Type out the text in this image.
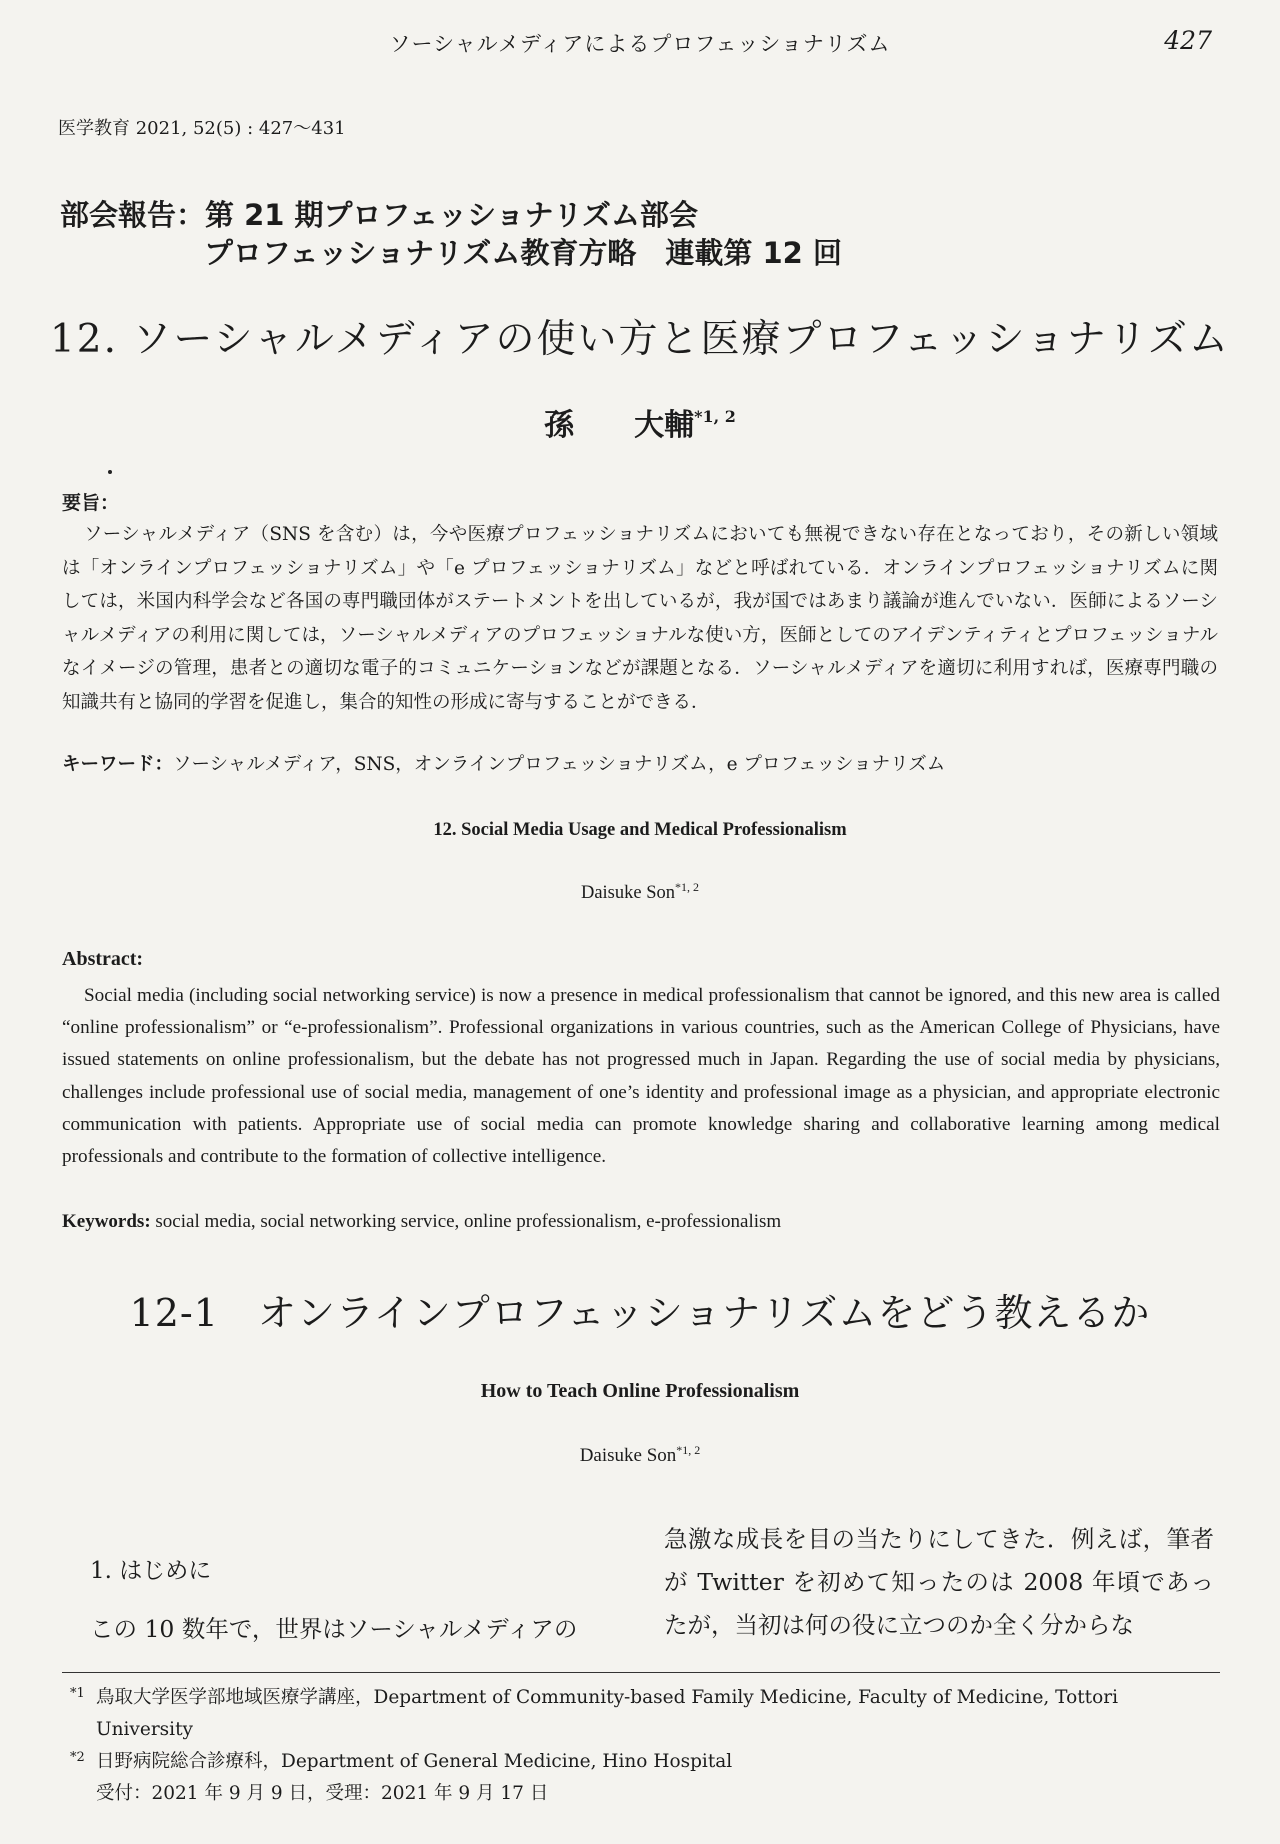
ソーシャルメディアによるプロフェッショナリズム	427
医学教育 2021, 52(5) : 427〜431
部会報告：第 21 期プロフェッショナリズム部会
プロフェッショナリズム教育方略　連載第 12 回
12. ソーシャルメディアの使い方と医療プロフェッショナリズム
孫　　大輔$^{*1, 2}$
要旨：
ソーシャルメディア（SNS を含む）は，今や医療プロフェッショナリズムにおいても無視できない存在となっており，その新しい領域は「オンラインプロフェッショナリズム」や「e プロフェッショナリズム」などと呼ばれている．オンラインプロフェッショナリズムに関しては，米国内科学会など各国の専門職団体がステートメントを出しているが，我が国ではあまり議論が進んでいない．医師によるソーシャルメディアの利用に関しては，ソーシャルメディアのプロフェッショナルな使い方，医師としてのアイデンティティとプロフェッショナルなイメージの管理，患者との適切な電子的コミュニケーションなどが課題となる．ソーシャルメディアを適切に利用すれば，医療専門職の知識共有と協同的学習を促進し，集合的知性の形成に寄与することができる．
キーワード：ソーシャルメディア，SNS，オンラインプロフェッショナリズム，e プロフェッショナリズム
12. Social Media Usage and Medical Professionalism
Daisuke Son$^{*1, 2}$
Abstract:
Social media (including social networking service) is now a presence in medical professionalism that cannot be ignored, and this new area is called “online professionalism” or “e-professionalism”. Professional organizations in various countries, such as the American College of Physicians, have issued statements on online professionalism, but the debate has not progressed much in Japan. Regarding the use of social media by physicians, challenges include professional use of social media, management of one’s identity and professional image as a physician, and appropriate electronic communication with patients. Appropriate use of social media can promote knowledge sharing and collaborative learning among medical professionals and contribute to the formation of collective intelligence.
Keywords: social media, social networking service, online professionalism, e-professionalism
12-1　オンラインプロフェッショナリズムをどう教えるか
How to Teach Online Professionalism
Daisuke Son$^{*1, 2}$
1. はじめに
この 10 数年で，世界はソーシャルメディアの
急激な成長を目の当たりにしてきた．例えば，筆者が Twitter を初めて知ったのは 2008 年頃であったが，当初は何の役に立つのか全く分からな
*1 鳥取大学医学部地域医療学講座，Department of Community-based Family Medicine, Faculty of Medicine, Tottori University
*2 日野病院総合診療科，Department of General Medicine, Hino Hospital
受付：2021 年 9 月 9 日，受理：2021 年 9 月 17 日
